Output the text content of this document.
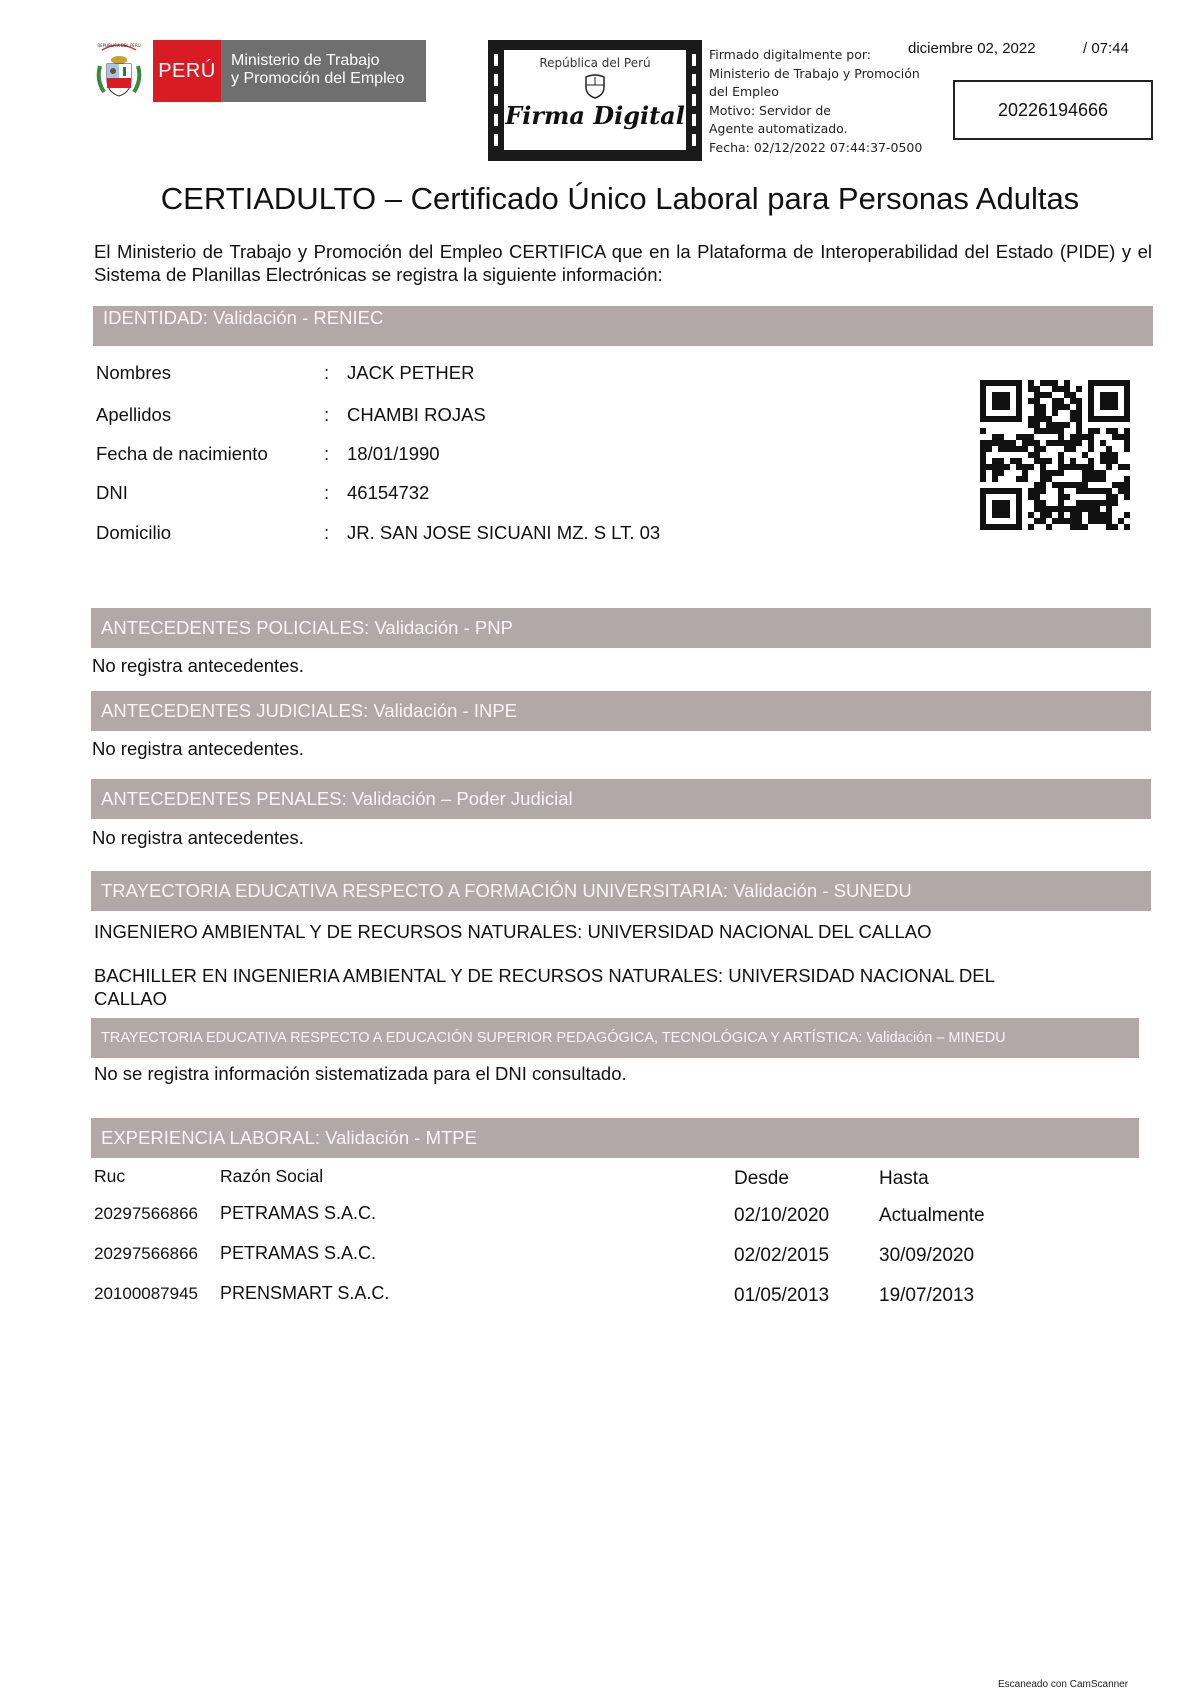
REPÚBLICA DEL PERÚ
PERÚ Ministerio de Trabajo
y Promoción del Empleo
República del Perú
Firma Digital
Firmado digitalmente por:
Ministerio de Trabajo y Promoción
del Empleo
Motivo: Servidor de
Agente automatizado.
Fecha: 02/12/2022 07:44:37-0500
diciembre 02, 2022	/ 07:44
20226194666
CERTIADULTO – Certificado Único Laboral para Personas Adultas
El Ministerio de Trabajo y Promoción del Empleo CERTIFICA que en la Plataforma de Interoperabilidad del Estado (PIDE) y el Sistema de Planillas Electrónicas se registra la siguiente información:
IDENTIDAD: Validación - RENIEC
Nombres	: JACK PETHER
Apellidos	: CHAMBI ROJAS
Fecha de nacimiento	: 18/01/1990
DNI	: 46154732
Domicilio	: JR. SAN JOSE SICUANI MZ. S LT. 03
ANTECEDENTES POLICIALES: Validación - PNP
No registra antecedentes.
ANTECEDENTES JUDICIALES: Validación - INPE
No registra antecedentes.
ANTECEDENTES PENALES: Validación – Poder Judicial
No registra antecedentes.
TRAYECTORIA EDUCATIVA RESPECTO A FORMACIÓN UNIVERSITARIA: Validación - SUNEDU
INGENIERO AMBIENTAL Y DE RECURSOS NATURALES: UNIVERSIDAD NACIONAL DEL CALLAO
BACHILLER EN INGENIERIA AMBIENTAL Y DE RECURSOS NATURALES: UNIVERSIDAD NACIONAL DEL
CALLAO
TRAYECTORIA EDUCATIVA RESPECTO A EDUCACIÓN SUPERIOR PEDAGÓGICA, TECNOLÓGICA Y ARTÍSTICA: Validación – MINEDU
No se registra información sistematizada para el DNI consultado.
EXPERIENCIA LABORAL: Validación - MTPE
Ruc	Razón Social	Desde	Hasta
20297566866 PETRAMAS S.A.C.	02/10/2020	Actualmente
20297566866 PETRAMAS S.A.C.	02/02/2015	30/09/2020
20100087945 PRENSMART S.A.C.	01/05/2013	19/07/2013
Escaneado con CamScanner
